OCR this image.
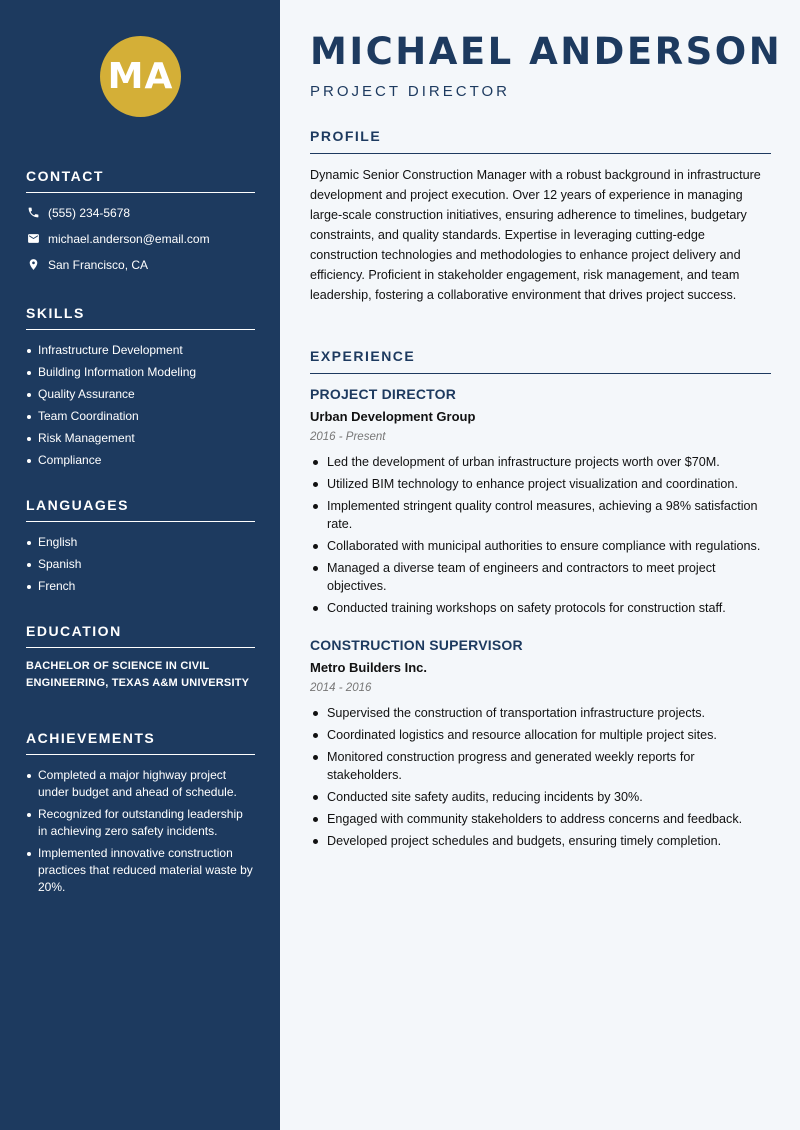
MA
CONTACT
(555) 234-5678
michael.anderson@email.com
San Francisco, CA
SKILLS
Infrastructure Development
Building Information Modeling
Quality Assurance
Team Coordination
Risk Management
Compliance
LANGUAGES
English
Spanish
French
EDUCATION
BACHELOR OF SCIENCE IN CIVIL ENGINEERING, TEXAS A&M UNIVERSITY
ACHIEVEMENTS
Completed a major highway project under budget and ahead of schedule.
Recognized for outstanding leadership in achieving zero safety incidents.
Implemented innovative construction practices that reduced material waste by 20%.
MICHAEL ANDERSON
PROJECT DIRECTOR
PROFILE

Dynamic Senior Construction Manager with a robust background in infrastructure development and project execution. Over 12 years of experience in managing large-scale construction initiatives, ensuring adherence to timelines, budgetary constraints, and quality standards. Expertise in leveraging cutting-edge construction technologies and methodologies to enhance project delivery and efficiency. Proficient in stakeholder engagement, risk management, and team leadership, fostering a collaborative environment that drives project success.

EXPERIENCE
PROJECT DIRECTOR
Urban Development Group
2016 - Present
Led the development of urban infrastructure projects worth over $70M.
Utilized BIM technology to enhance project visualization and coordination.
Implemented stringent quality control measures, achieving a 98% satisfaction rate.
Collaborated with municipal authorities to ensure compliance with regulations.
Managed a diverse team of engineers and contractors to meet project objectives.
Conducted training workshops on safety protocols for construction staff.
CONSTRUCTION SUPERVISOR
Metro Builders Inc.
2014 - 2016
Supervised the construction of transportation infrastructure projects.
Coordinated logistics and resource allocation for multiple project sites.
Monitored construction progress and generated weekly reports for stakeholders.
Conducted site safety audits, reducing incidents by 30%.
Engaged with community stakeholders to address concerns and feedback.
Developed project schedules and budgets, ensuring timely completion.
